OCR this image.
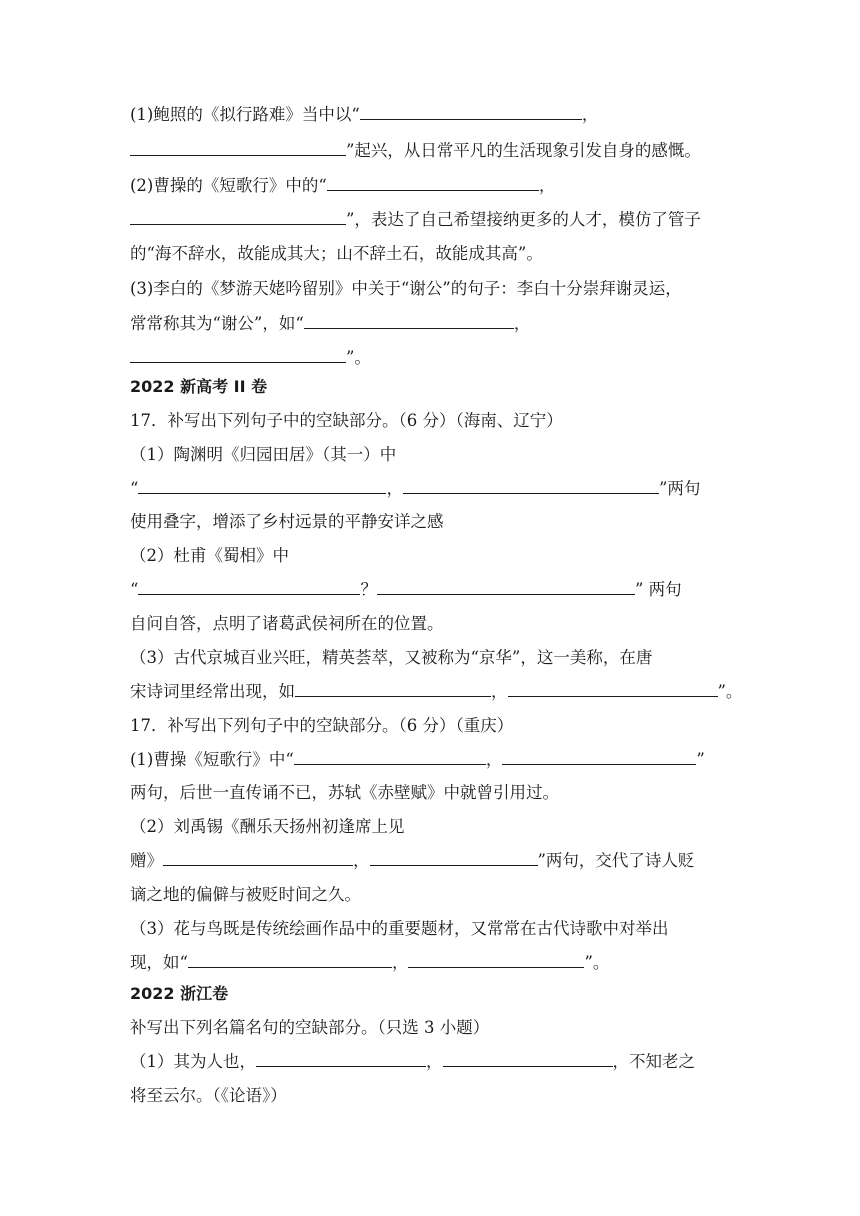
(1)鲍照的《拟行路难》当中以“	，
”起兴，从日常平凡的生活现象引发自身的感慨。
(2)曹操的《短歌行》中的“	，
”，表达了自己希望接纳更多的人才，模仿了管子
的“海不辞水，故能成其大；山不辞土石，故能成其高”。
(3)李白的《梦游天姥吟留别》中关于“谢公”的句子：李白十分崇拜谢灵运，
常常称其为“谢公”，如“	，
”。
2022 新高考 II 卷
17．补写出下列句子中的空缺部分。（6 分）（海南、辽宁）
（1）陶渊明《归园田居》（其一）中
“	，	”两句
使用叠字，增添了乡村远景的平静安详之感
（2）杜甫《蜀相》中
“	？	” 两句
自问自答，点明了诸葛武侯祠所在的位置。
（3）古代京城百业兴旺，精英荟萃，又被称为“京华”，这一美称，在唐
宋诗词里经常出现，如	，	”。
17．补写出下列句子中的空缺部分。（6 分）（重庆）
(1)曹操《短歌行》中“	，	”
两句，后世一直传诵不已，苏轼《赤壁赋》中就曾引用过。
（2）刘禹锡《酬乐天扬州初逢席上见
赠》	，	”两句，交代了诗人贬
谪之地的偏僻与被贬时间之久。
（3）花与鸟既是传统绘画作品中的重要题材，又常常在古代诗歌中对举出
现，如“	，	”。
2022 浙江卷
补写出下列名篇名句的空缺部分。（只选 3 小题）
（1）其为人也，	，	，不知老之
将至云尔。（《论语》）
